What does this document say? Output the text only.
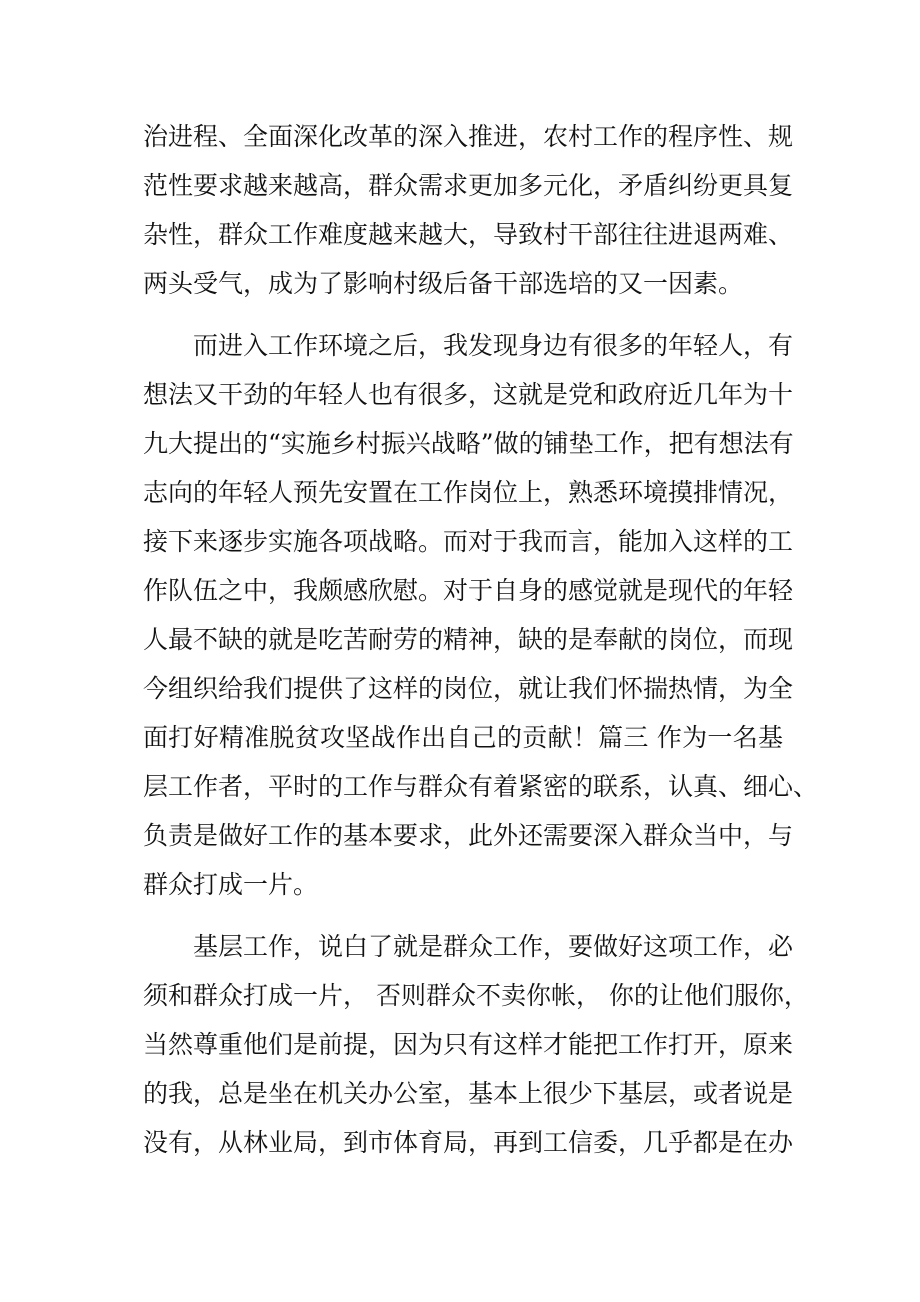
治进程、全面深化改革的深入推进，农村工作的程序性、规
范性要求越来越高，群众需求更加多元化，矛盾纠纷更具复
杂性，群众工作难度越来越大，导致村干部往往进退两难、
两头受气，成为了影响村级后备干部选培的又一因素。
而进入工作环境之后，我发现身边有很多的年轻人，有
想法又干劲的年轻人也有很多，这就是党和政府近几年为十
九大提出的“实施乡村振兴战略”做的铺垫工作，把有想法有
志向的年轻人预先安置在工作岗位上，熟悉环境摸排情况，
接下来逐步实施各项战略。而对于我而言，能加入这样的工
作队伍之中，我颇感欣慰。对于自身的感觉就是现代的年轻
人最不缺的就是吃苦耐劳的精神，缺的是奉献的岗位，而现
今组织给我们提供了这样的岗位，就让我们怀揣热情，为全
面打好精准脱贫攻坚战作出自己的贡献！篇三 作为一名基
层工作者，平时的工作与群众有着紧密的联系，认真、细心、
负责是做好工作的基本要求，此外还需要深入群众当中，与
群众打成一片。
基层工作，说白了就是群众工作，要做好这项工作，必
须和群众打成一片， 否则群众不卖你帐， 你的让他们服你，
当然尊重他们是前提，因为只有这样才能把工作打开，原来
的我，总是坐在机关办公室，基本上很少下基层，或者说是
没有，从林业局，到市体育局，再到工信委，几乎都是在办
